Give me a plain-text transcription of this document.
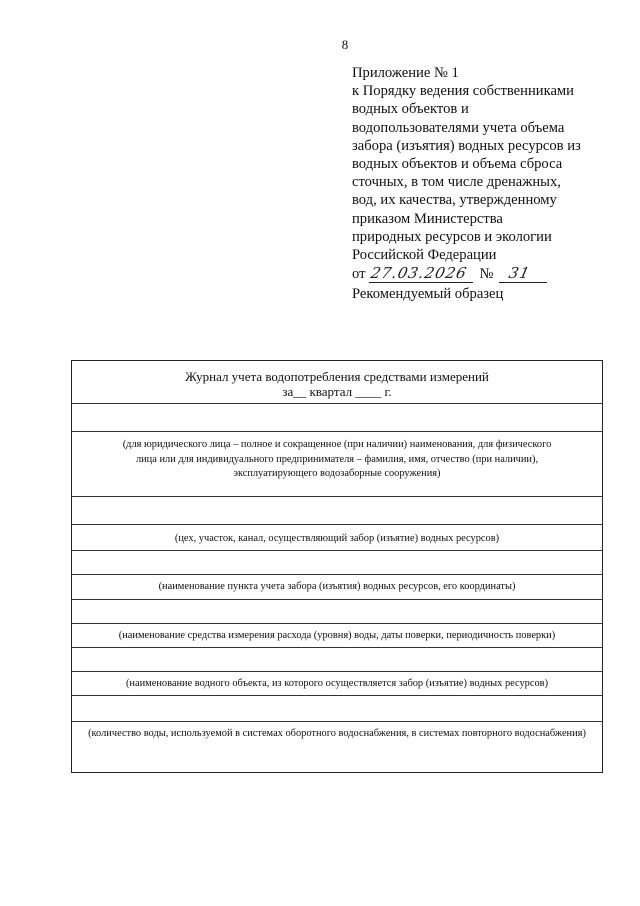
8
Приложение № 1
к Порядку ведения собственниками
водных объектов и
водопользователями учета объема
забора (изъятия) водных ресурсов из
водных объектов и объема сброса
сточных, в том числе дренажных,
вод, их качества, утвержденному
приказом Министерства
природных ресурсов и экологии
Российской Федерации
от 27.03.2026 № 31
Рекомендуемый образец
Журнал учета водопотребления средствами измерений
за__ квартал ____ г.
(для юридического лица – полное и сокращенное (при наличии) наименования, для физического лица или для индивидуального предпринимателя – фамилия, имя, отчество (при наличии), эксплуатирующего водозаборные сооружения)
(цех, участок, канал, осуществляющий забор (изъятие) водных ресурсов)
(наименование пункта учета забора (изъятия) водных ресурсов, его координаты)
(наименование средства измерения расхода (уровня) воды, даты поверки, периодичность поверки)
(наименование водного объекта, из которого осуществляется забор (изъятие) водных ресурсов)
(количество воды, используемой в системах оборотного водоснабжения, в системах повторного водоснабжения)
